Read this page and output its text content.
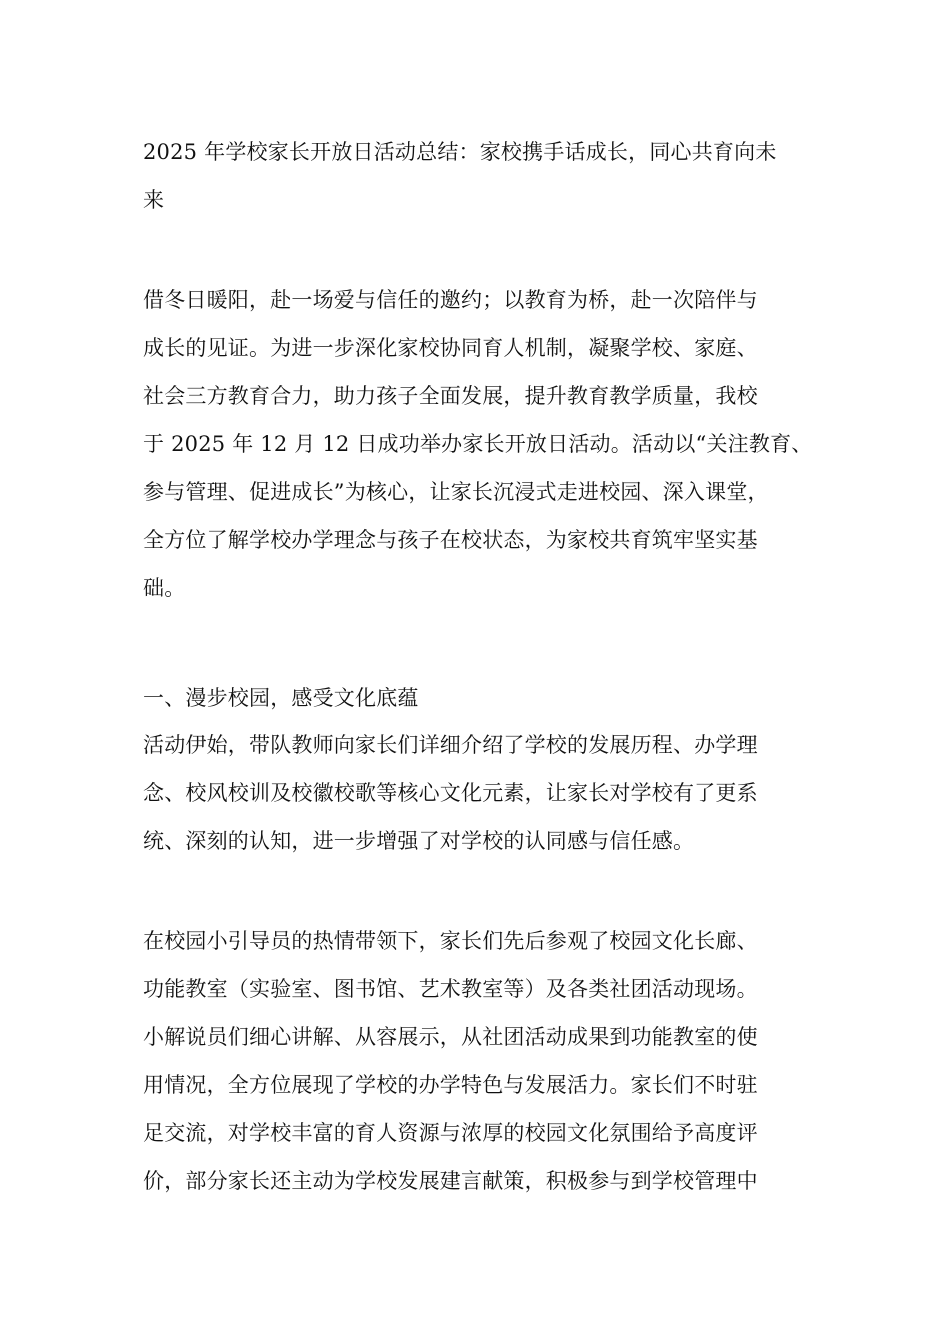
2025 年学校家长开放日活动总结：家校携手话成长，同心共育向未
来
借冬日暖阳，赴一场爱与信任的邀约；以教育为桥，赴一次陪伴与
成长的见证。为进一步深化家校协同育人机制，凝聚学校、家庭、
社会三方教育合力，助力孩子全面发展，提升教育教学质量，我校
于 2025 年 12 月 12 日成功举办家长开放日活动。活动以“关注教育、
参与管理、促进成长”为核心，让家长沉浸式走进校园、深入课堂，
全方位了解学校办学理念与孩子在校状态，为家校共育筑牢坚实基
础。
一、漫步校园，感受文化底蕴
活动伊始，带队教师向家长们详细介绍了学校的发展历程、办学理
念、校风校训及校徽校歌等核心文化元素，让家长对学校有了更系
统、深刻的认知，进一步增强了对学校的认同感与信任感。
在校园小引导员的热情带领下，家长们先后参观了校园文化长廊、
功能教室（实验室、图书馆、艺术教室等）及各类社团活动现场。
小解说员们细心讲解、从容展示，从社团活动成果到功能教室的使
用情况，全方位展现了学校的办学特色与发展活力。家长们不时驻
足交流，对学校丰富的育人资源与浓厚的校园文化氛围给予高度评
价，部分家长还主动为学校发展建言献策，积极参与到学校管理中
